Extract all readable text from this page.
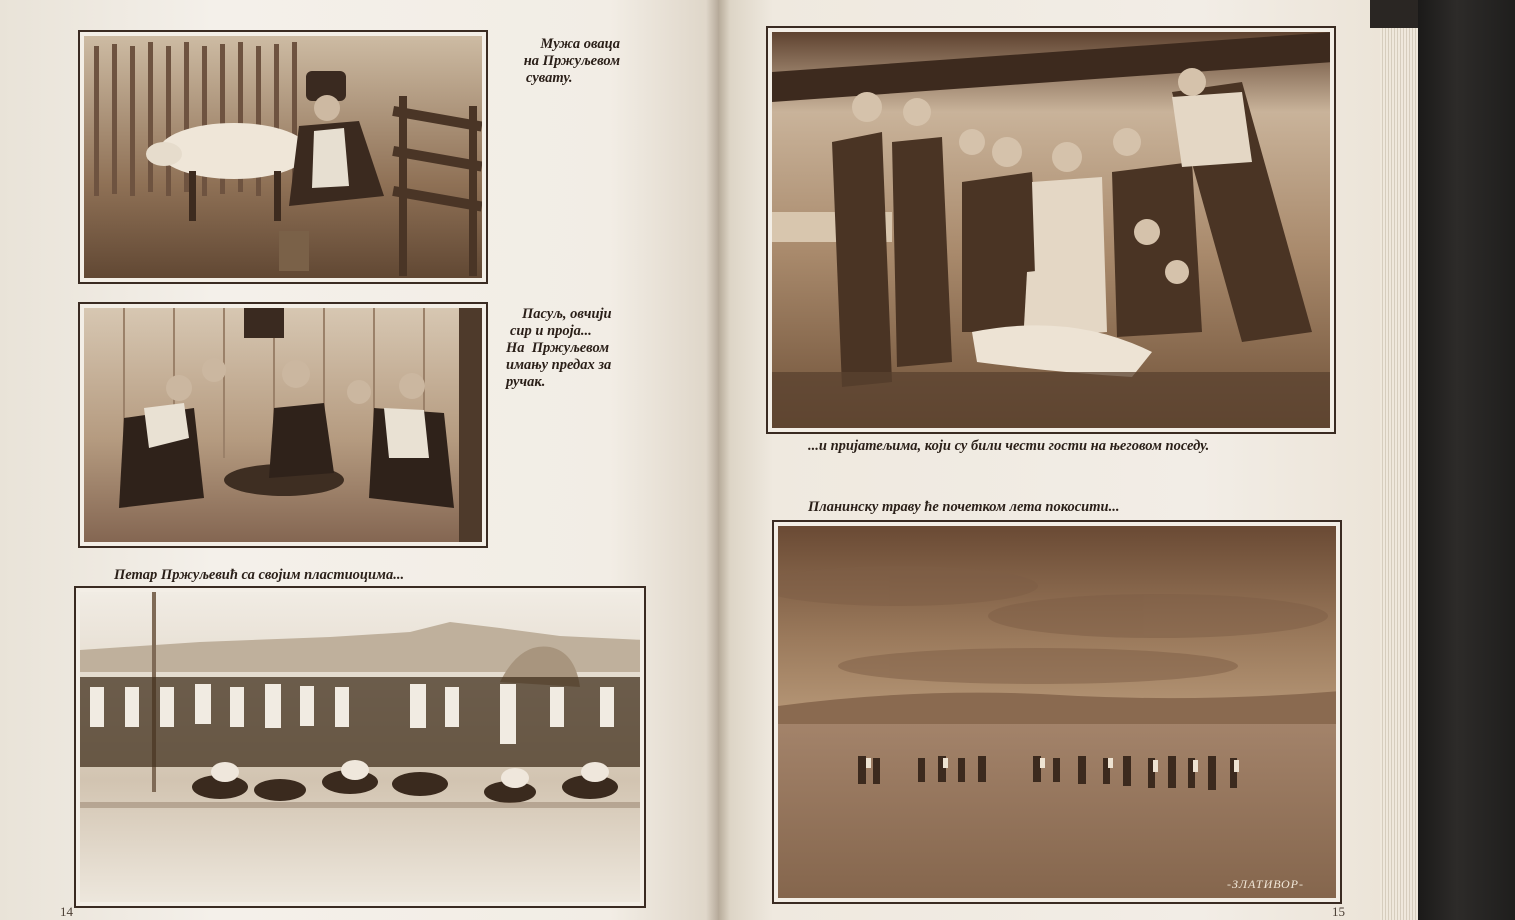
Мужа оваца
на Пржуљевом
сувату.
Пасуљ, овчији
сир и проја...
На  Пржуљевом
имању предах за
ручак.
Петар Пржуљевић са својим пластиоцима...
...и пријатељима, који су били чести гости на његовом поседу.
Планинску траву ће почетком лета покосити...
-ЗЛАТИВОР-
14	15
